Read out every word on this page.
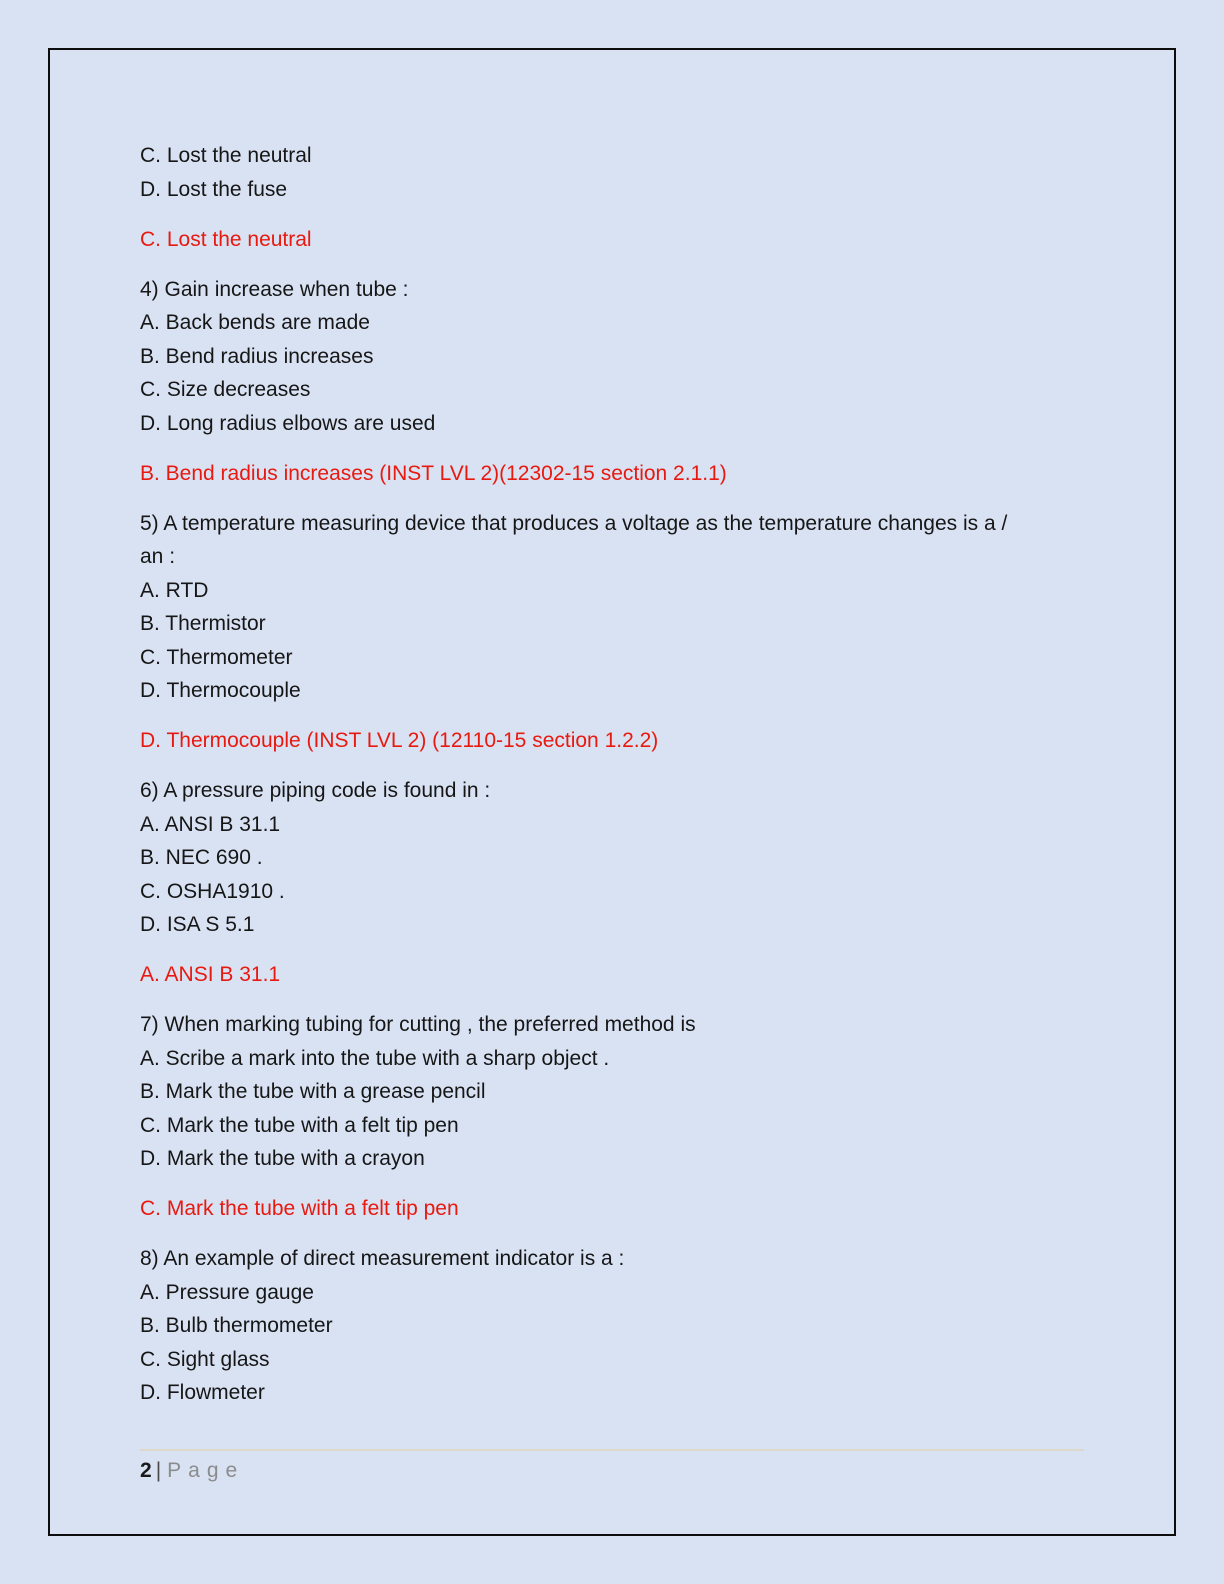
C. Lost the neutral

D. Lost the fuse

C. Lost the neutral

4) Gain increase when tube :

A. Back bends are made

B. Bend radius increases

C. Size decreases

D. Long radius elbows are used

B. Bend radius increases (INST LVL 2)(12302-15 section 2.1.1)

5) A temperature measuring device that produces a voltage as the temperature changes is a /

an :

A. RTD

B. Thermistor

C. Thermometer

D. Thermocouple

D. Thermocouple (INST LVL 2) (12110-15 section 1.2.2)

6) A pressure piping code is found in :

A. ANSI B 31.1

B. NEC 690 .

C. OSHA1910 .

D. ISA S 5.1

A. ANSI B 31.1

7) When marking tubing for cutting , the preferred method is

A. Scribe a mark into the tube with a sharp object .

B. Mark the tube with a grease pencil

C. Mark the tube with a felt tip pen

D. Mark the tube with a crayon

C. Mark the tube with a felt tip pen

8) An example of direct measurement indicator is a :

A. Pressure gauge

B. Bulb thermometer

C. Sight glass

D. Flowmeter

2 | Page
